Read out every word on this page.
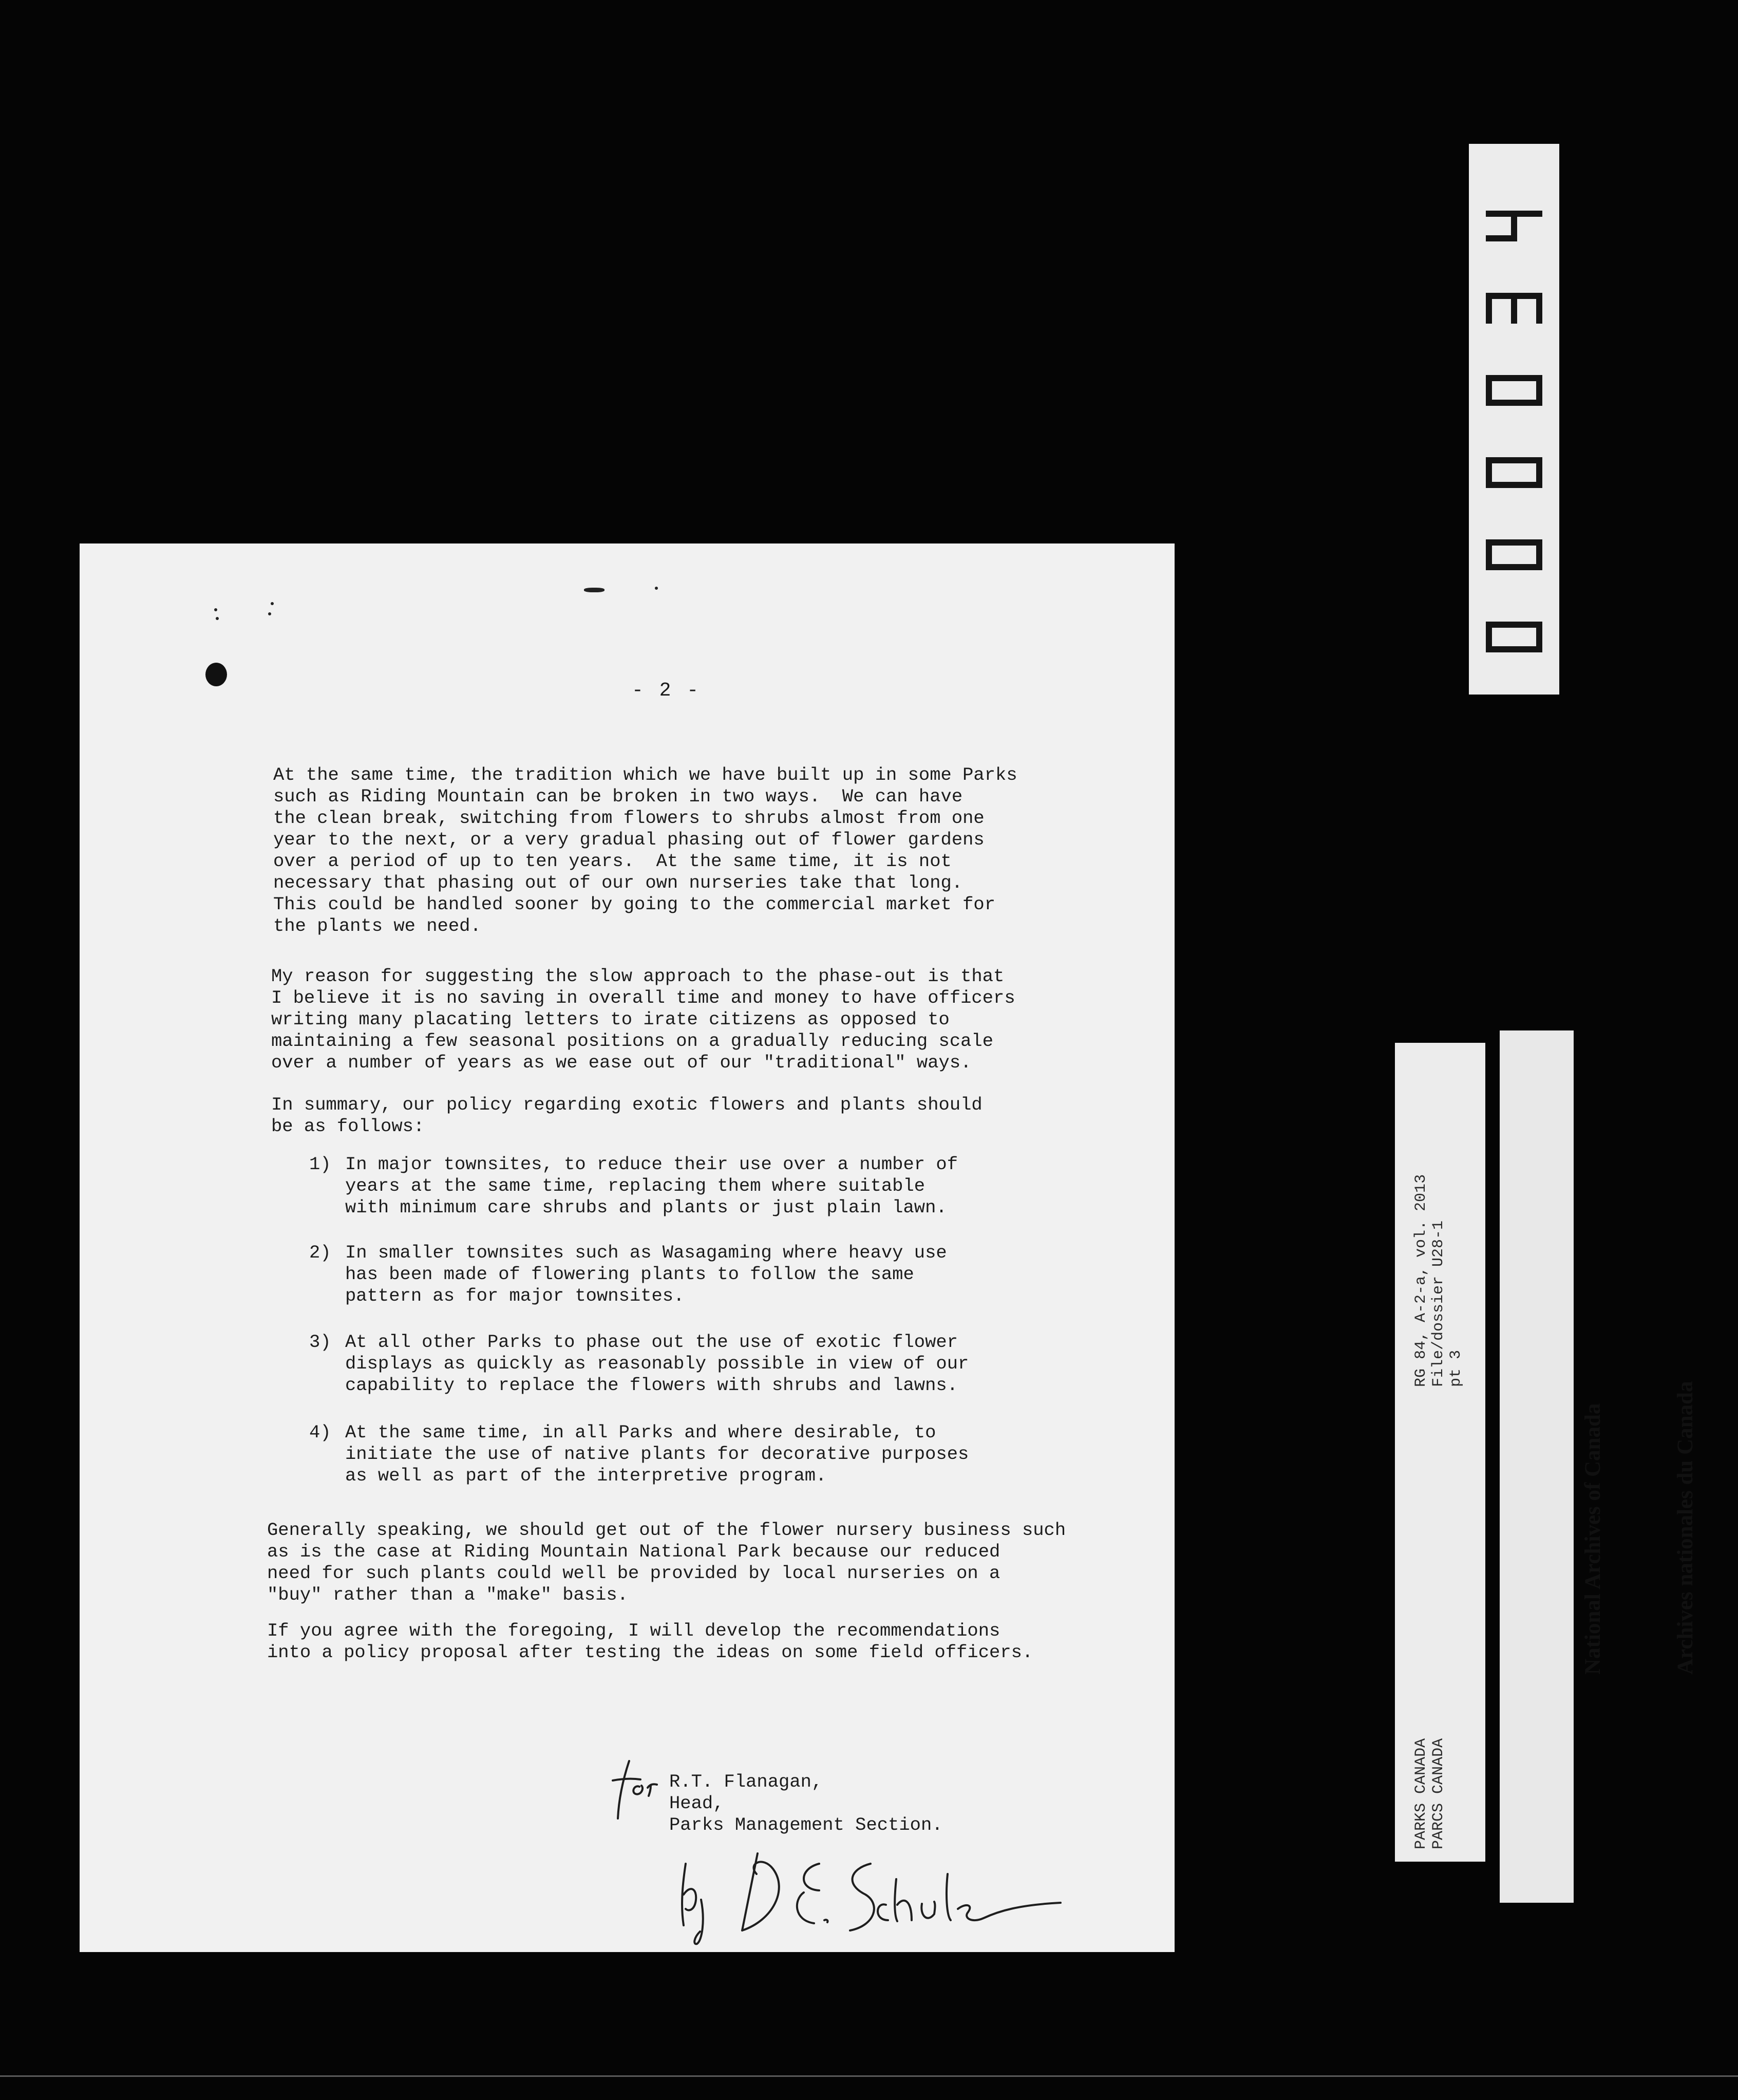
- 2 -
At the same time, the tradition which we have built up in some Parks
such as Riding Mountain can be broken in two ways.  We can have
the clean break, switching from flowers to shrubs almost from one
year to the next, or a very gradual phasing out of flower gardens
over a period of up to ten years.  At the same time, it is not
necessary that phasing out of our own nurseries take that long.
This could be handled sooner by going to the commercial market for
the plants we need.
My reason for suggesting the slow approach to the phase-out is that
I believe it is no saving in overall time and money to have officers
writing many placating letters to irate citizens as opposed to
maintaining a few seasonal positions on a gradually reducing scale
over a number of years as we ease out of our "traditional" ways.
In summary, our policy regarding exotic flowers and plants should
be as follows:
1) In major townsites, to reduce their use over a number of
years at the same time, replacing them where suitable
with minimum care shrubs and plants or just plain lawn.
2) In smaller townsites such as Wasagaming where heavy use
has been made of flowering plants to follow the same
pattern as for major townsites.
3) At all other Parks to phase out the use of exotic flower
displays as quickly as reasonably possible in view of our
capability to replace the flowers with shrubs and lawns.
4) At the same time, in all Parks and where desirable, to
initiate the use of native plants for decorative purposes
as well as part of the interpretive program.
Generally speaking, we should get out of the flower nursery business such
as is the case at Riding Mountain National Park because our reduced
need for such plants could well be provided by local nurseries on a
"buy" rather than a "make" basis.
If you agree with the foregoing, I will develop the recommendations
into a policy proposal after testing the ideas on some field officers.
R.T. Flanagan,
Head,
Parks Management Section.
RG 84, A-2-a, vol. 2013
File/dossier U28-1
pt 3
PARKS CANADA
PARCS CANADA

National Archives of Canada

	Archives nationales du Canada
